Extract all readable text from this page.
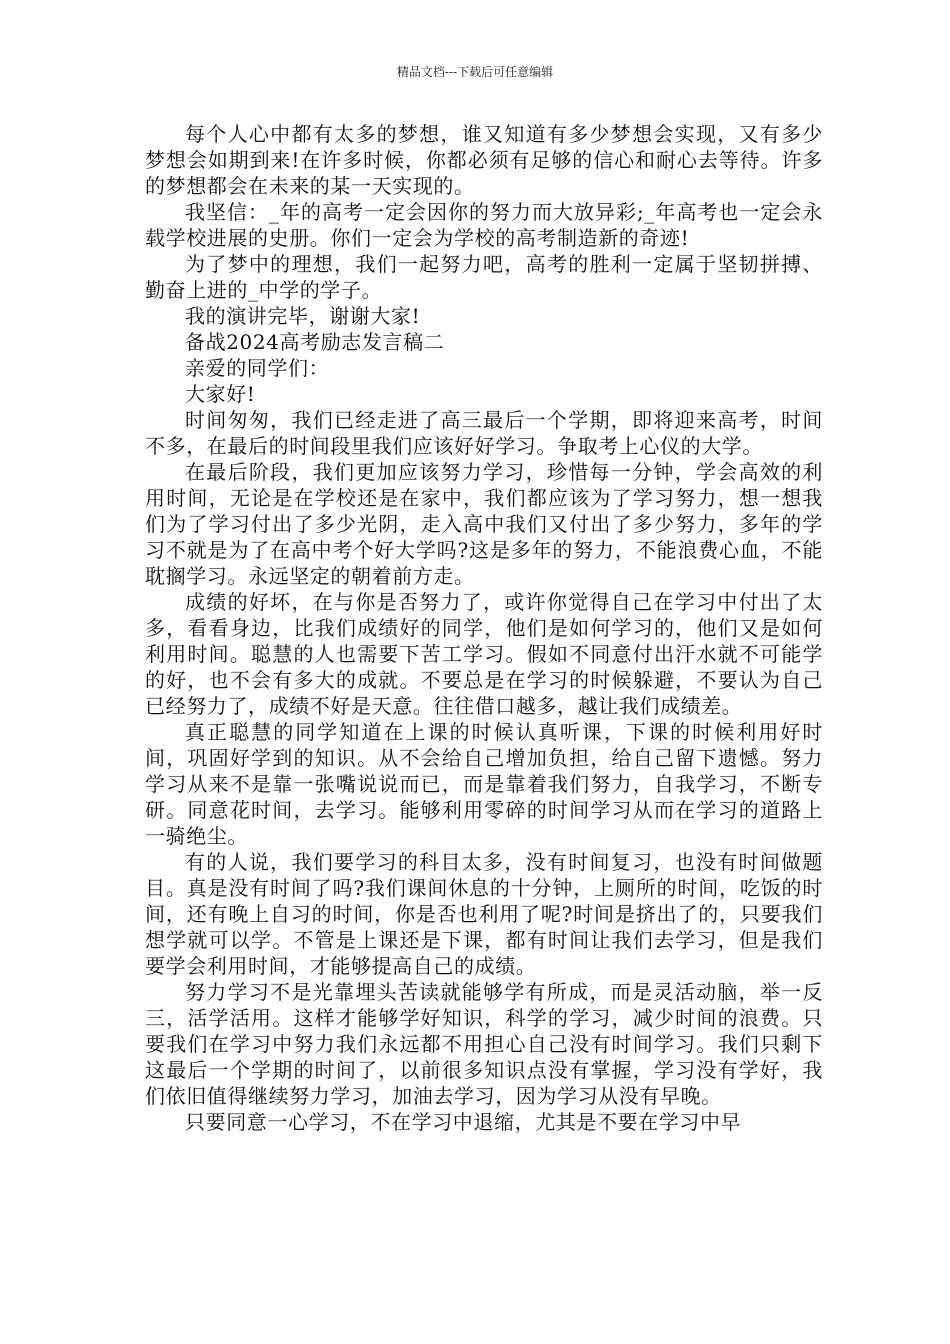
精品文档---下载后可任意编辑

每个人心中都有太多的梦想，谁又知道有多少梦想会实现，又有多少梦想会如期到来!在许多时候，你都必须有足够的信心和耐心去等待。许多的梦想都会在未来的某一天实现的。

我坚信：_年的高考一定会因你的努力而大放异彩;_年高考也一定会永载学校进展的史册。你们一定会为学校的高考制造新的奇迹!

为了梦中的理想，我们一起努力吧，高考的胜利一定属于坚韧拼搏、勤奋上进的_中学的学子。

我的演讲完毕，谢谢大家!

备战2024高考励志发言稿二

亲爱的同学们：

大家好!

时间匆匆，我们已经走进了高三最后一个学期，即将迎来高考，时间不多，在最后的时间段里我们应该好好学习。争取考上心仪的大学。

在最后阶段，我们更加应该努力学习，珍惜每一分钟，学会高效的利用时间，无论是在学校还是在家中，我们都应该为了学习努力，想一想我们为了学习付出了多少光阴，走入高中我们又付出了多少努力，多年的学习不就是为了在高中考个好大学吗?这是多年的努力，不能浪费心血，不能耽搁学习。永远坚定的朝着前方走。

成绩的好坏，在与你是否努力了，或许你觉得自己在学习中付出了太多，看看身边，比我们成绩好的同学，他们是如何学习的，他们又是如何利用时间。聪慧的人也需要下苦工学习。假如不同意付出汗水就不可能学的好，也不会有多大的成就。不要总是在学习的时候躲避，不要认为自己已经努力了，成绩不好是天意。往往借口越多，越让我们成绩差。

真正聪慧的同学知道在上课的时候认真听课，下课的时候利用好时间，巩固好学到的知识。从不会给自己增加负担，给自己留下遗憾。努力学习从来不是靠一张嘴说说而已，而是靠着我们努力，自我学习，不断专研。同意花时间，去学习。能够利用零碎的时间学习从而在学习的道路上一骑绝尘。

有的人说，我们要学习的科目太多，没有时间复习，也没有时间做题目。真是没有时间了吗?我们课间休息的十分钟，上厕所的时间，吃饭的时间，还有晚上自习的时间，你是否也利用了呢?时间是挤出了的，只要我们想学就可以学。不管是上课还是下课，都有时间让我们去学习，但是我们要学会利用时间，才能够提高自己的成绩。

努力学习不是光靠埋头苦读就能够学有所成，而是灵活动脑，举一反三，活学活用。这样才能够学好知识，科学的学习，减少时间的浪费。只要我们在学习中努力我们永远都不用担心自己没有时间学习。我们只剩下这最后一个学期的时间了，以前很多知识点没有掌握，学习没有学好，我们依旧值得继续努力学习，加油去学习，因为学习从没有早晚。

只要同意一心学习，不在学习中退缩，尤其是不要在学习中早
